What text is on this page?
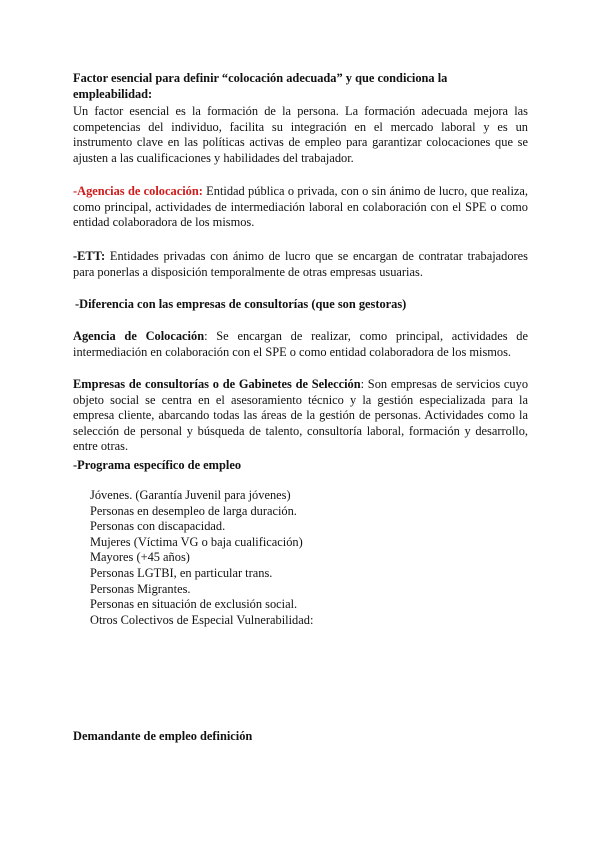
Factor esencial para definir “colocación adecuada” y que condiciona la empleabilidad:

Un factor esencial es la formación de la persona. La formación adecuada mejora las competencias del individuo, facilita su integración en el mercado laboral y es un instrumento clave en las políticas activas de empleo para garantizar colocaciones que se ajusten a las cualificaciones y habilidades del trabajador.

-Agencias de colocación: Entidad pública o privada, con o sin ánimo de lucro, que realiza, como principal, actividades de intermediación laboral en colaboración con el SPE o como entidad colaboradora de los mismos.

-ETT: Entidades privadas con ánimo de lucro que se encargan de contratar trabajadores para ponerlas a disposición temporalmente de otras empresas usuarias.

-Diferencia con las empresas de consultorías (que son gestoras)

Agencia de Colocación: Se encargan de realizar, como principal, actividades de intermediación en colaboración con el SPE o como entidad colaboradora de los mismos.

Empresas de consultorías o de Gabinetes de Selección: Son empresas de servicios cuyo objeto social se centra en el asesoramiento técnico y la gestión especializada para la empresa cliente, abarcando todas las áreas de la gestión de personas. Actividades como la selección de personal y búsqueda de talento, consultoría laboral, formación y desarrollo, entre otras.

-Programa específico de empleo

Jóvenes. (Garantía Juvenil para jóvenes)
Personas en desempleo de larga duración.
Personas con discapacidad.
Mujeres (Víctima VG o baja cualificación)
Mayores (+45 años)
Personas LGTBI, en particular trans.
Personas Migrantes.
Personas en situación de exclusión social.
Otros Colectivos de Especial Vulnerabilidad:

Demandante de empleo definición
